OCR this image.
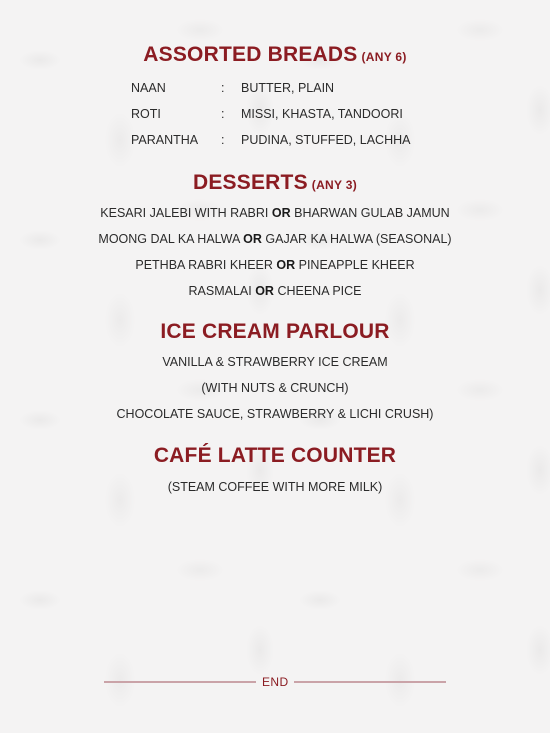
ASSORTED BREADS (ANY 6)
NAAN	: BUTTER, PLAIN
ROTI	: MISSI, KHASTA, TANDOORI
PARANTHA : PUDINA, STUFFED, LACHHA
DESSERTS (ANY 3)
KESARI JALEBI WITH RABRI OR BHARWAN GULAB JAMUN
MOONG DAL KA HALWA OR GAJAR KA HALWA (SEASONAL)
PETHBA RABRI KHEER OR PINEAPPLE KHEER
RASMALAI OR CHEENA PICE
ICE CREAM PARLOUR
VANILLA & STRAWBERRY ICE CREAM
(WITH NUTS & CRUNCH)
CHOCOLATE SAUCE, STRAWBERRY & LICHI CRUSH)
CAFÉ LATTE COUNTER
(STEAM COFFEE WITH MORE MILK)
END
